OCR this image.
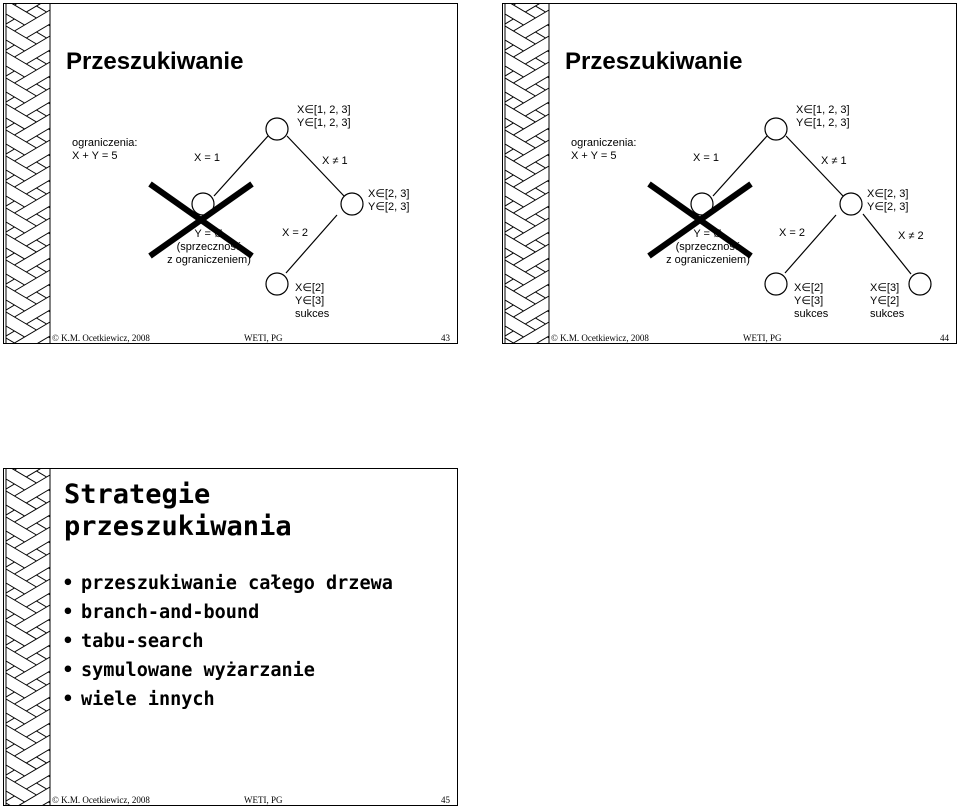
Przeszukiwanie
ograniczenia:
X + Y = 5
X∈[1, 2, 3]
Y∈[1, 2, 3]
X = 1	X ≠ 1
X∈[2, 3]
Y∈[2, 3]
Y = ∅
(sprzeczność
z ograniczeniem)
X = 2
X∈[2]
Y∈[3]
sukces
© K.M. Ocetkiewicz, 2008	WETI, PG	43
Przeszukiwanie
ograniczenia:
X + Y = 5
X∈[1, 2, 3]
Y∈[1, 2, 3]
X = 1	X ≠ 1
X∈[2, 3]
Y∈[2, 3]
Y = ∅
(sprzeczność
z ograniczeniem)
X = 2	X ≠ 2
X∈[2]
Y∈[3]
sukces
X∈[3]
Y∈[2]
sukces
© K.M. Ocetkiewicz, 2008	WETI, PG	44
Strategie
przeszukiwania
• przeszukiwanie całego drzewa
• branch-and-bound
• tabu-search
• symulowane wyżarzanie
• wiele innych
© K.M. Ocetkiewicz, 2008	WETI, PG	45
